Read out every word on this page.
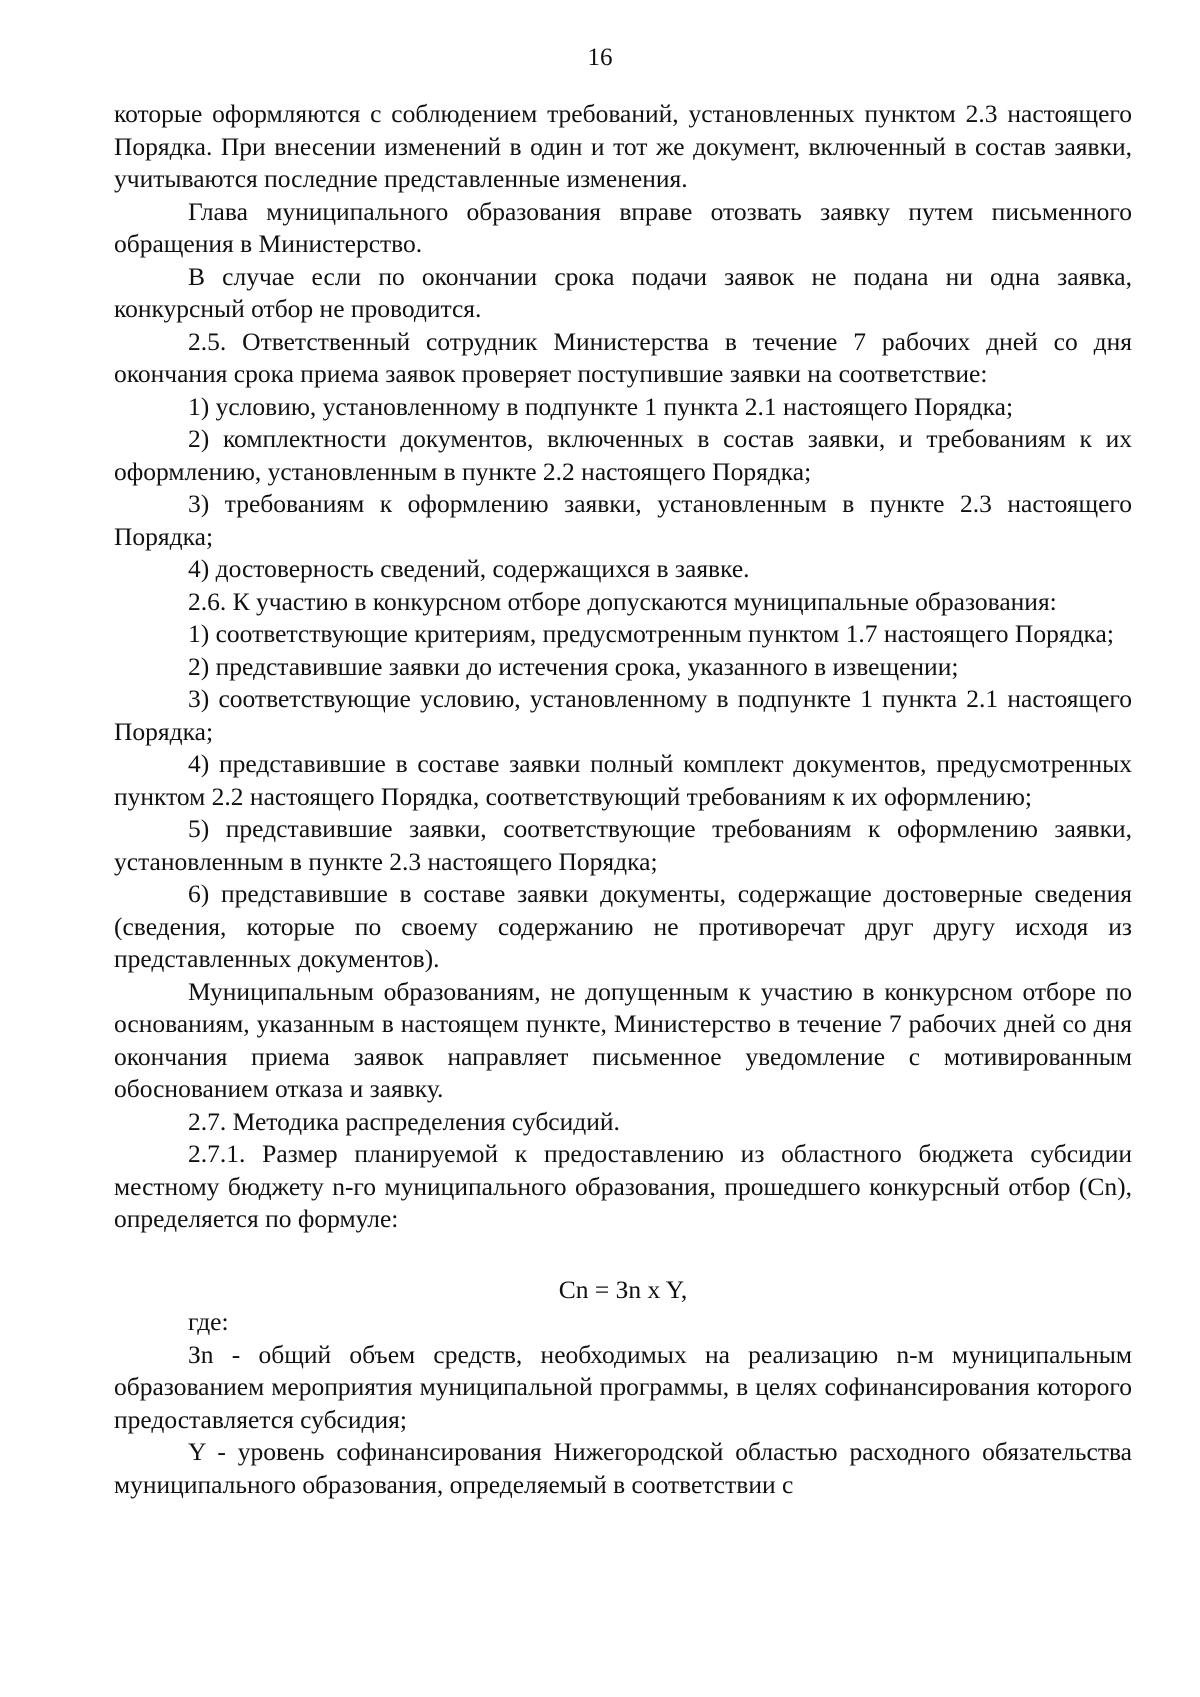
16

которые оформляются с соблюдением требований, установленных пунктом 2.3 настоящего Порядка. При внесении изменений в один и тот же документ, включенный в состав заявки, учитываются последние представленные изменения.

Глава муниципального образования вправе отозвать заявку путем письменного обращения в Министерство.

В случае если по окончании срока подачи заявок не подана ни одна заявка, конкурсный отбор не проводится.

2.5. Ответственный сотрудник Министерства в течение 7 рабочих дней со дня окончания срока приема заявок проверяет поступившие заявки на соответствие:

1) условию, установленному в подпункте 1 пункта 2.1 настоящего Порядка;

2) комплектности документов, включенных в состав заявки, и требованиям к их оформлению, установленным в пункте 2.2 настоящего Порядка;

3) требованиям к оформлению заявки, установленным в пункте 2.3 настоящего Порядка;

4) достоверность сведений, содержащихся в заявке.

2.6. К участию в конкурсном отборе допускаются муниципальные образования:

1) соответствующие критериям, предусмотренным пунктом 1.7 настоящего Порядка;

2) представившие заявки до истечения срока, указанного в извещении;

3) соответствующие условию, установленному в подпункте 1 пункта 2.1 настоящего Порядка;

4) представившие в составе заявки полный комплект документов, предусмотренных пунктом 2.2 настоящего Порядка, соответствующий требованиям к их оформлению;

5) представившие заявки, соответствующие требованиям к оформлению заявки, установленным в пункте 2.3 настоящего Порядка;

6) представившие в составе заявки документы, содержащие достоверные сведения (сведения, которые по своему содержанию не противоречат друг другу исходя из представленных документов).

Муниципальным образованиям, не допущенным к участию в конкурсном отборе по основаниям, указанным в настоящем пункте, Министерство в течение 7 рабочих дней со дня окончания приема заявок направляет письменное уведомление с мотивированным обоснованием отказа и заявку.

2.7. Методика распределения субсидий.

2.7.1. Размер планируемой к предоставлению из областного бюджета субсидии местному бюджету n-го муниципального образования, прошедшего конкурсный отбор (Сn), определяется по формуле:

Сn = Зn x Y,

где:

Зn - общий объем средств, необходимых на реализацию n-м муниципальным образованием мероприятия муниципальной программы, в целях софинансирования которого предоставляется субсидия;

Y - уровень софинансирования Нижегородской областью расходного обязательства муниципального образования, определяемый в соответствии с
